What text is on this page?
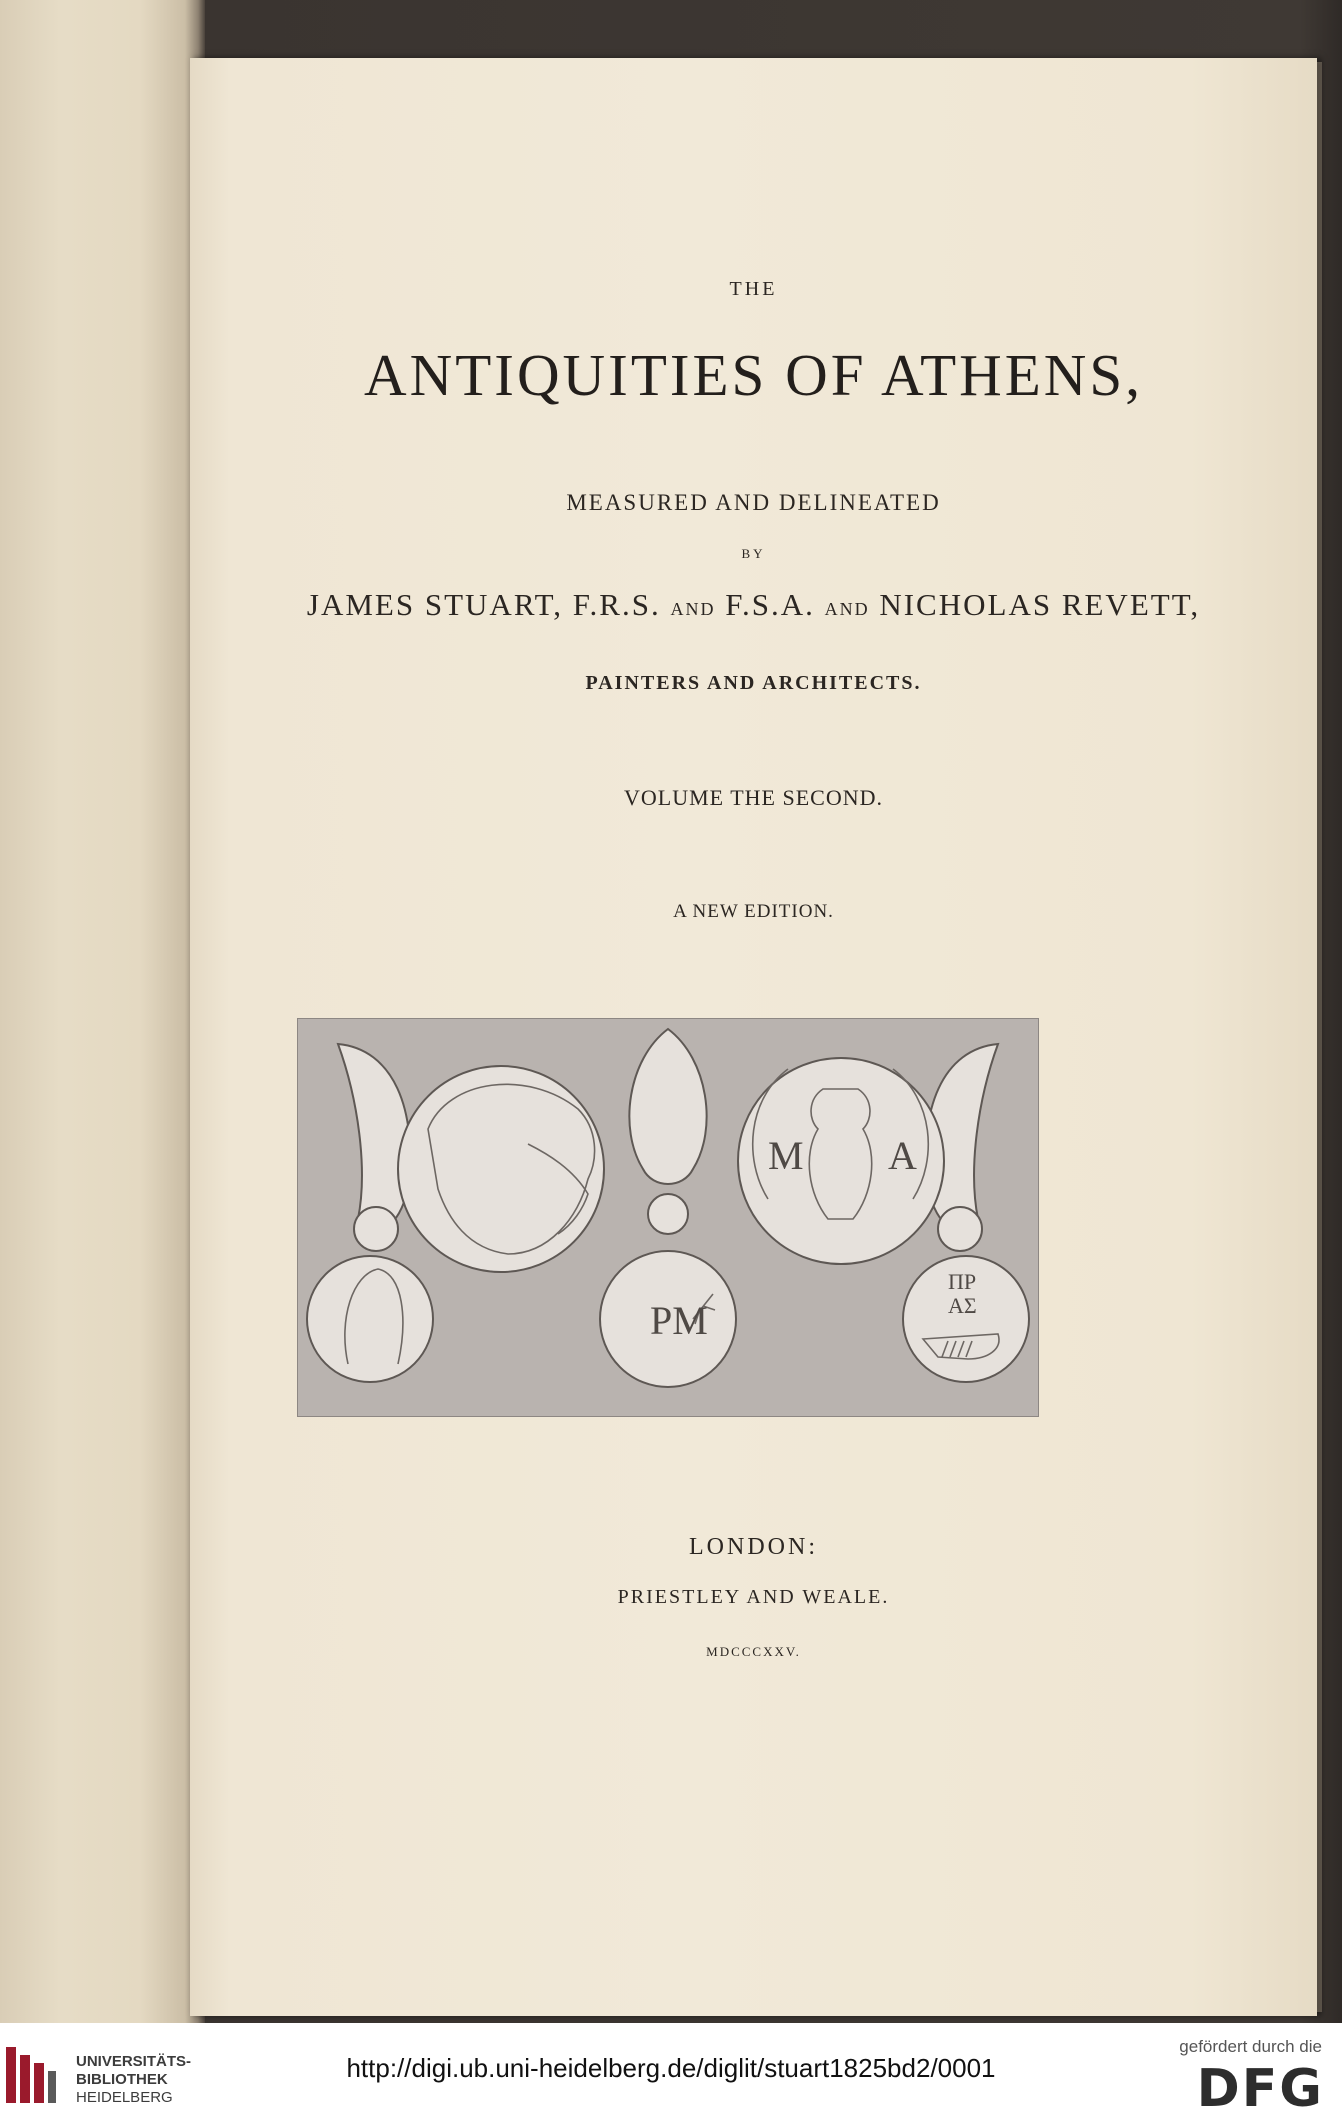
THE

ANTIQUITIES OF ATHENS,

MEASURED AND DELINEATED

BY

JAMES STUART, F.R.S. AND F.S.A. AND NICHOLAS REVETT,

PAINTERS AND ARCHITECTS.

VOLUME THE SECOND.

A NEW EDITION.

M A
PM
ΠΡ
ΑΣ

LONDON:

PRIESTLEY AND WEALE.

MDCCCXXV.

UNIVERSITÄTS-
BIBLIOTHEK
HEIDELBERG

http://digi.ub.uni-heidelberg.de/diglit/stuart1825bd2/0001

gefördert durch die

DFG
